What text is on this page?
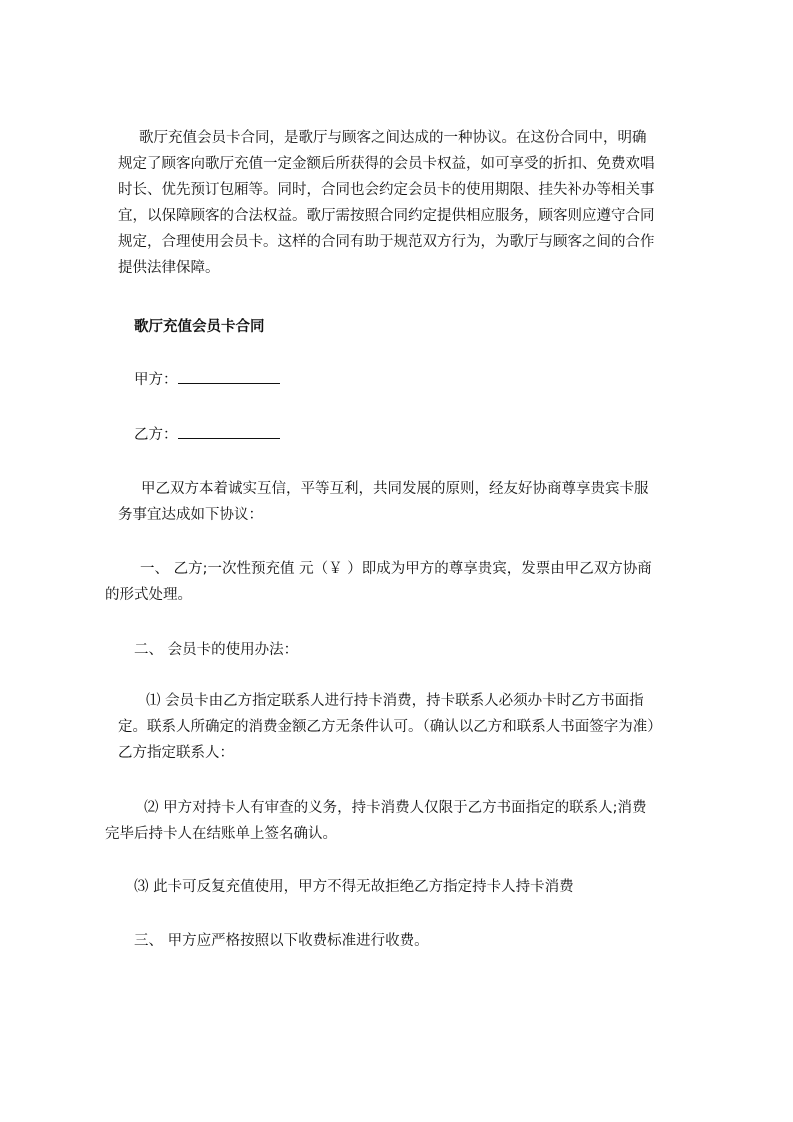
歌厅充值会员卡合同，是歌厅与顾客之间达成的一种协议。在这份合同中，明确
规定了顾客向歌厅充值一定金额后所获得的会员卡权益，如可享受的折扣、免费欢唱
时长、优先预订包厢等。同时，合同也会约定会员卡的使用期限、挂失补办等相关事
宜，以保障顾客的合法权益。歌厅需按照合同约定提供相应服务，顾客则应遵守合同
规定，合理使用会员卡。这样的合同有助于规范双方行为，为歌厅与顾客之间的合作
提供法律保障。
歌厅充值会员卡合同
甲方：
乙方：
甲乙双方本着诚实互信，平等互利，共同发展的原则，经友好协商尊享贵宾卡服
务事宜达成如下协议：
一、 乙方;一次性预充值 元（￥ ）即成为甲方的尊享贵宾，发票由甲乙双方协商
的形式处理。
二、 会员卡的使用办法：
⑴ 会员卡由乙方指定联系人进行持卡消费，持卡联系人必须办卡时乙方书面指
定。联系人所确定的消费金额乙方无条件认可。（确认以乙方和联系人书面签字为准）
乙方指定联系人：
⑵ 甲方对持卡人有审查的义务，持卡消费人仅限于乙方书面指定的联系人;消费
完毕后持卡人在结账单上签名确认。
⑶ 此卡可反复充值使用，甲方不得无故拒绝乙方指定持卡人持卡消费
三、 甲方应严格按照以下收费标准进行收费。
